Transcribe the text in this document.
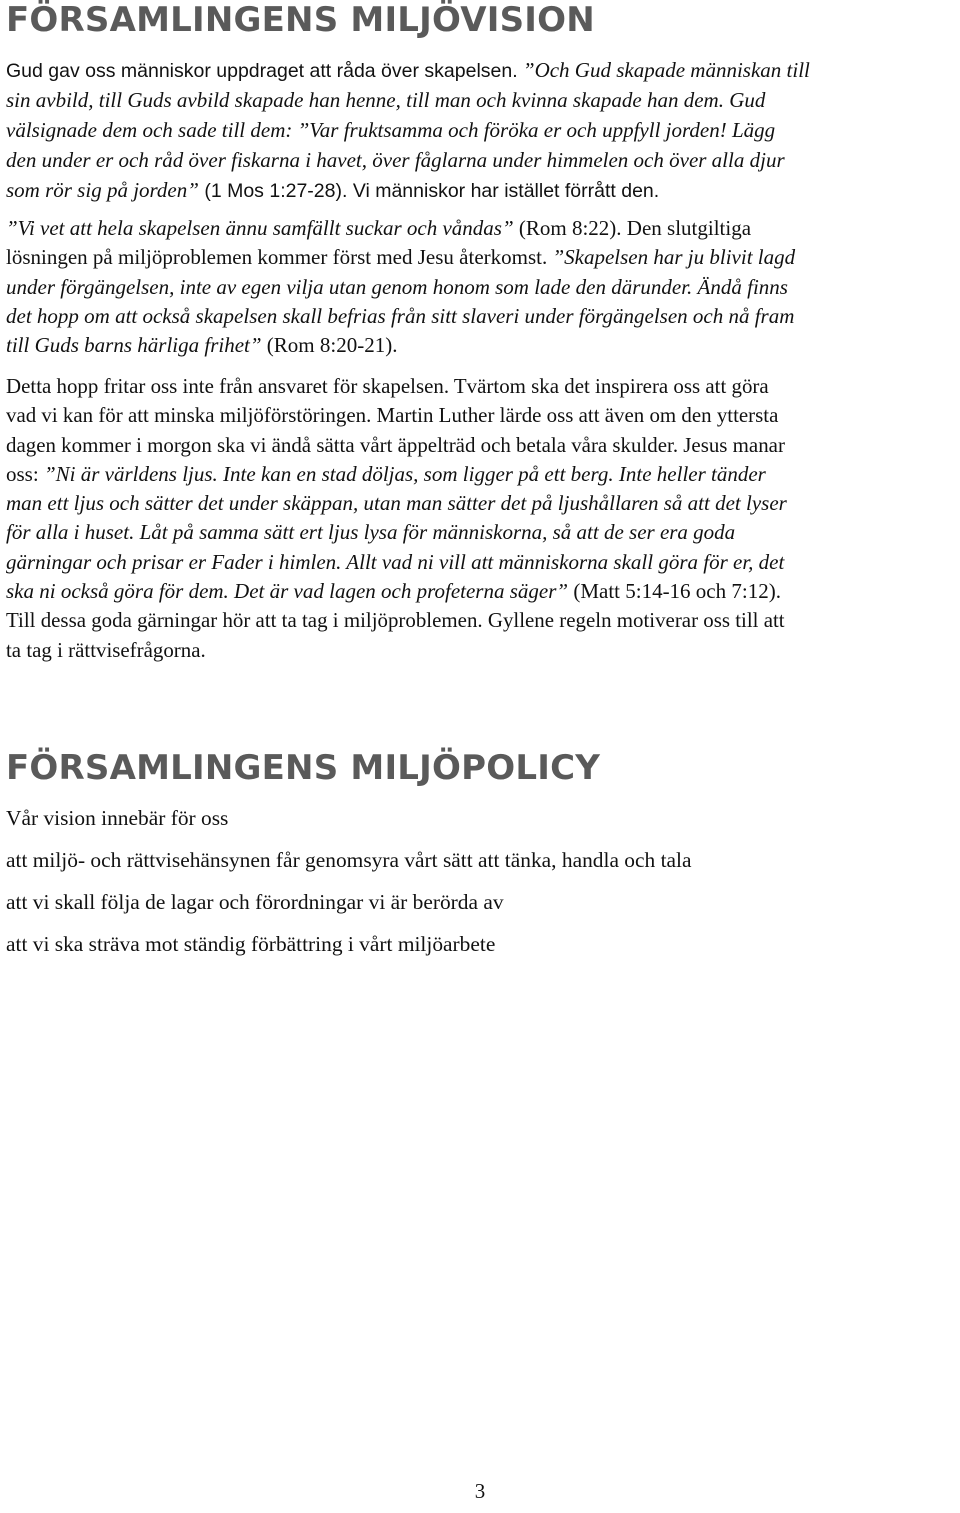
FÖRSAMLINGENS MILJÖVISION
Gud gav oss människor uppdraget att råda över skapelsen. ”Och Gud skapade människan till
sin avbild, till Guds avbild skapade han henne, till man och kvinna skapade han dem. Gud
välsignade dem och sade till dem: ”Var fruktsamma och föröka er och uppfyll jorden! Lägg
den under er och råd över fiskarna i havet, över fåglarna under himmelen och över alla djur
som rör sig på jorden” (1 Mos 1:27-28). Vi människor har istället förrått den.
”Vi vet att hela skapelsen ännu samfällt suckar och våndas” (Rom 8:22). Den slutgiltiga
lösningen på miljöproblemen kommer först med Jesu återkomst. ”Skapelsen har ju blivit lagd
under förgängelsen, inte av egen vilja utan genom honom som lade den därunder. Ändå finns
det hopp om att också skapelsen skall befrias från sitt slaveri under förgängelsen och nå fram
till Guds barns härliga frihet” (Rom 8:20-21).
Detta hopp fritar oss inte från ansvaret för skapelsen. Tvärtom ska det inspirera oss att göra
vad vi kan för att minska miljöförstöringen. Martin Luther lärde oss att även om den yttersta
dagen kommer i morgon ska vi ändå sätta vårt äppelträd och betala våra skulder. Jesus manar
oss: ”Ni är världens ljus. Inte kan en stad döljas, som ligger på ett berg. Inte heller tänder
man ett ljus och sätter det under skäppan, utan man sätter det på ljushållaren så att det lyser
för alla i huset. Låt på samma sätt ert ljus lysa för människorna, så att de ser era goda
gärningar och prisar er Fader i himlen. Allt vad ni vill att människorna skall göra för er, det
ska ni också göra för dem. Det är vad lagen och profeterna säger” (Matt 5:14-16 och 7:12).
Till dessa goda gärningar hör att ta tag i miljöproblemen. Gyllene regeln motiverar oss till att
ta tag i rättvisefrågorna.
FÖRSAMLINGENS MILJÖPOLICY

Vår vision innebär för oss

att miljö- och rättvisehänsynen får genomsyra vårt sätt att tänka, handla och tala

att vi skall följa de lagar och förordningar vi är berörda av

att vi ska sträva mot ständig förbättring i vårt miljöarbete

3
